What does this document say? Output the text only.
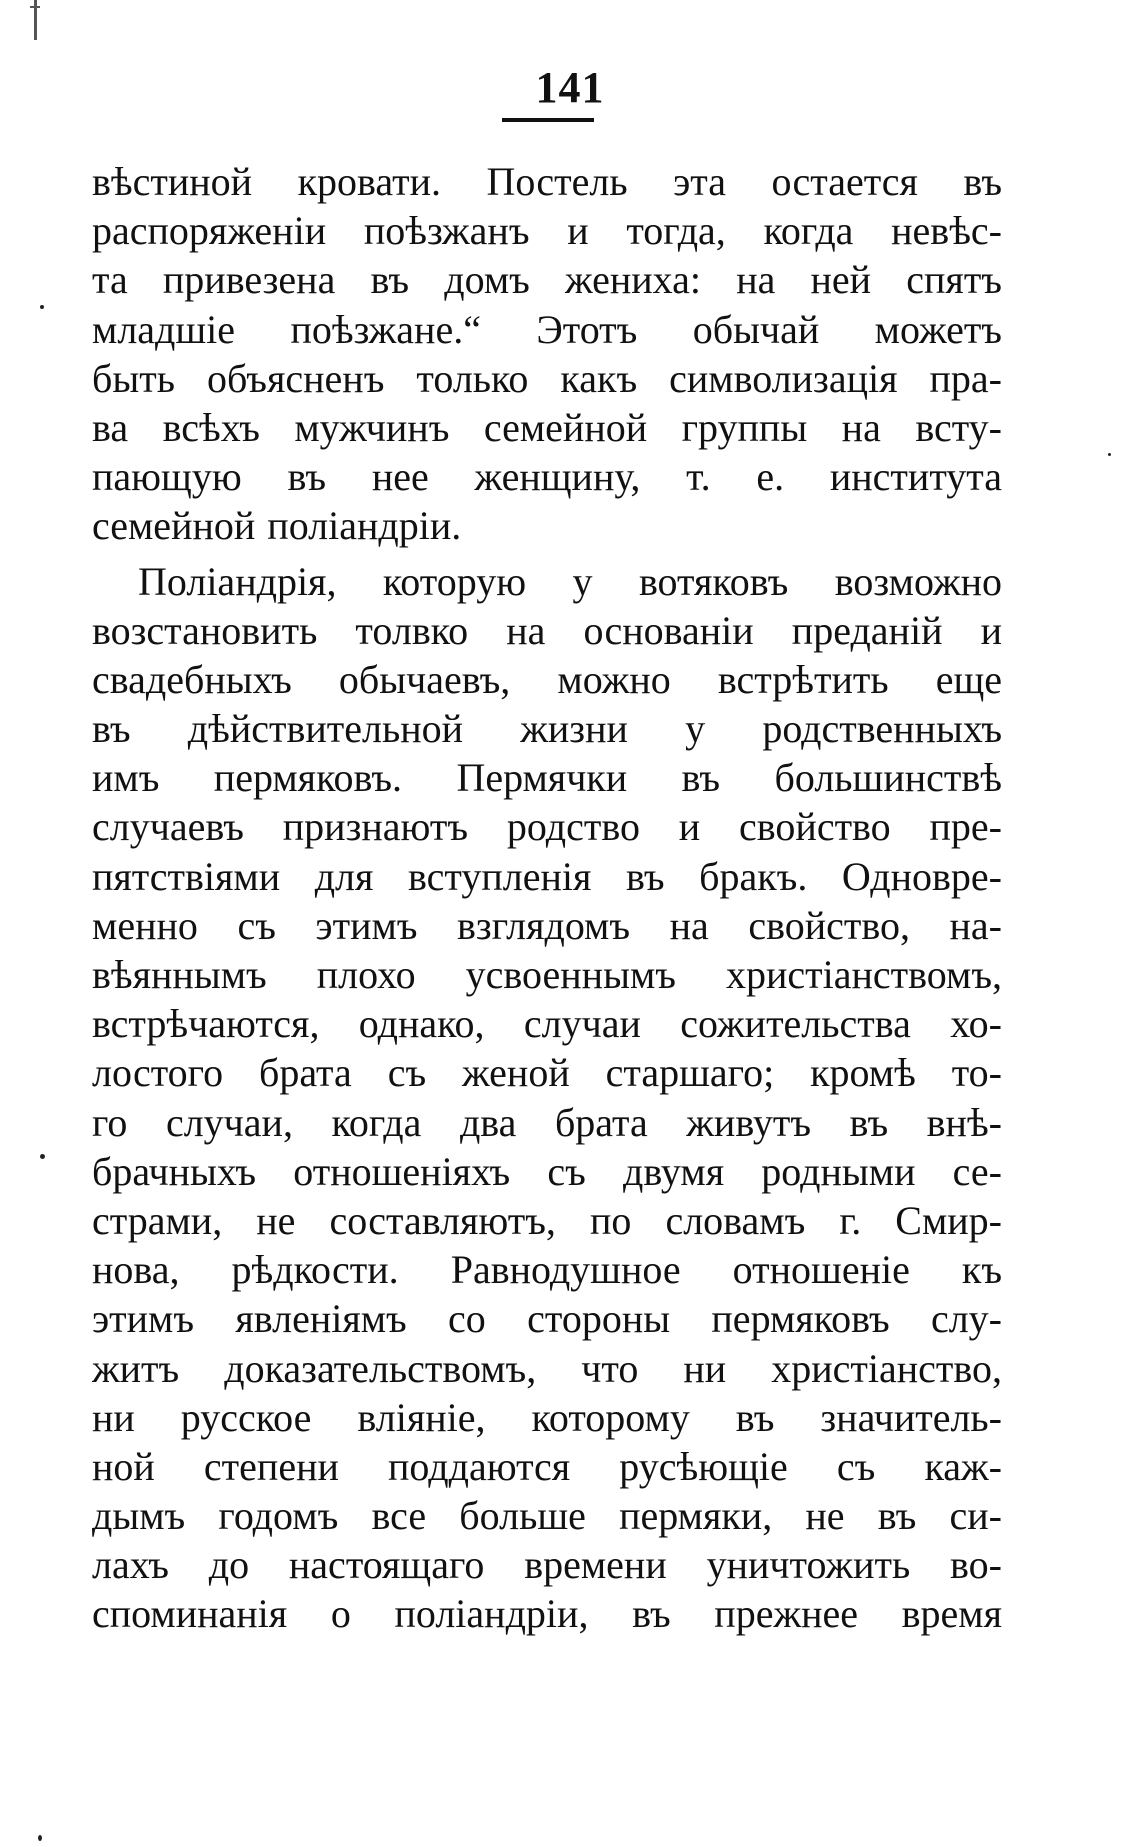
141
вѣстиной кровати. Постель эта остается въ
распоряженіи поѣзжанъ и тогда, когда невѣс-
та привезена въ домъ жениха: на ней спятъ
младшіе поѣзжане.“ Этотъ обычай можетъ
быть объясненъ только какъ символизація пра-
ва всѣхъ мужчинъ семейной группы на всту-
пающую въ нее женщину, т. е. института
семейной поліандріи.
Поліандрія, которую у вотяковъ возможно
возстановить толвко на основаніи преданій и
свадебныхъ обычаевъ, можно встрѣтить еще
въ дѣйствительной жизни у родственныхъ
имъ пермяковъ. Пермячки въ большинствѣ
случаевъ признаютъ родство и свойство пре-
пятствіями для вступленія въ бракъ. Одновре-
менно съ этимъ взглядомъ на свойство, на-
вѣяннымъ плохо усвоеннымъ христіанствомъ,
встрѣчаются, однако, случаи сожительства хо-
лостого брата съ женой старшаго; кромѣ то-
го случаи, когда два брата живутъ въ внѣ-
брачныхъ отношеніяхъ съ двумя родными се-
страми, не составляютъ, по словамъ г. Смир-
нова, рѣдкости. Равнодушное отношеніе къ
этимъ явленіямъ со стороны пермяковъ слу-
житъ доказательствомъ, что ни христіанство,
ни русское вліяніе, которому въ значитель-
ной степени поддаются русѣющіе съ каж-
дымъ годомъ все больше пермяки, не въ си-
лахъ до настоящаго времени уничтожить во-
споминанія о поліандріи, въ прежнее время
